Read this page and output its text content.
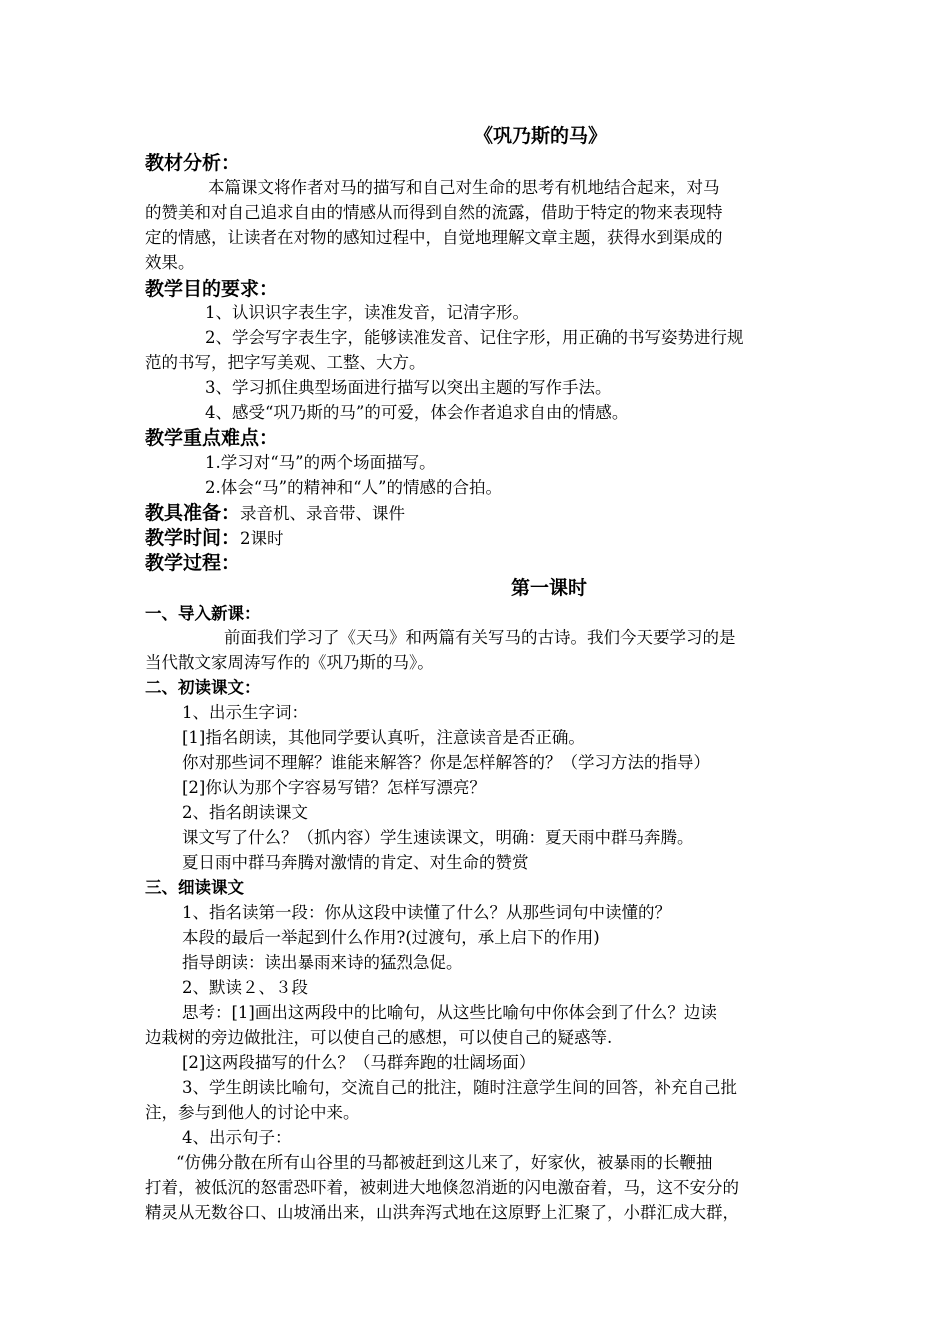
《巩乃斯的马》
教材分析：
本篇课文将作者对马的描写和自己对生命的思考有机地结合起来，对马
的赞美和对自己追求自由的情感从而得到自然的流露，借助于特定的物来表现特
定的情感，让读者在对物的感知过程中，自觉地理解文章主题，获得水到渠成的
效果。
教学目的要求：
1、认识识字表生字，读准发音，记清字形。
2、学会写字表生字，能够读准发音、记住字形，用正确的书写姿势进行规
范的书写，把字写美观、工整、大方。
3、学习抓住典型场面进行描写以突出主题的写作手法。
4、感受“巩乃斯的马”的可爱，体会作者追求自由的情感。
教学重点难点：
1.学习对“马”的两个场面描写。
2.体会“马”的精神和“人”的情感的合拍。
教具准备：录音机、录音带、课件
教学时间：2课时
教学过程：
第一课时
一、导入新课：
前面我们学习了《天马》和两篇有关写马的古诗。我们今天要学习的是
当代散文家周涛写作的《巩乃斯的马》。
二、初读课文：
1、出示生字词：
[1]指名朗读，其他同学要认真听，注意读音是否正确。
你对那些词不理解？谁能来解答？你是怎样解答的？（学习方法的指导）
[2]你认为那个字容易写错？怎样写漂亮？
2、指名朗读课文
课文写了什么？（抓内容）学生速读课文，明确：夏天雨中群马奔腾。
夏日雨中群马奔腾对激情的肯定、对生命的赞赏
三、细读课文
1、指名读第一段：你从这段中读懂了什么？从那些词句中读懂的？
本段的最后一举起到什么作用?(过渡句，承上启下的作用)
指导朗读：读出暴雨来诗的猛烈急促。
2、默读２、３段
思考：[1]画出这两段中的比喻句，从这些比喻句中你体会到了什么？边读
边栽树的旁边做批注，可以使自己的感想，可以使自己的疑惑等.
[2]这两段描写的什么？（马群奔跑的壮阔场面）
3、学生朗读比喻句，交流自己的批注，随时注意学生间的回答，补充自己批
注，参与到他人的讨论中来。
4、出示句子：
“仿佛分散在所有山谷里的马都被赶到这儿来了，好家伙，被暴雨的长鞭抽
打着，被低沉的怒雷恐吓着，被刺进大地倏忽消逝的闪电激奋着，马，这不安分的
精灵从无数谷口、山坡涌出来，山洪奔泻式地在这原野上汇聚了，小群汇成大群，
